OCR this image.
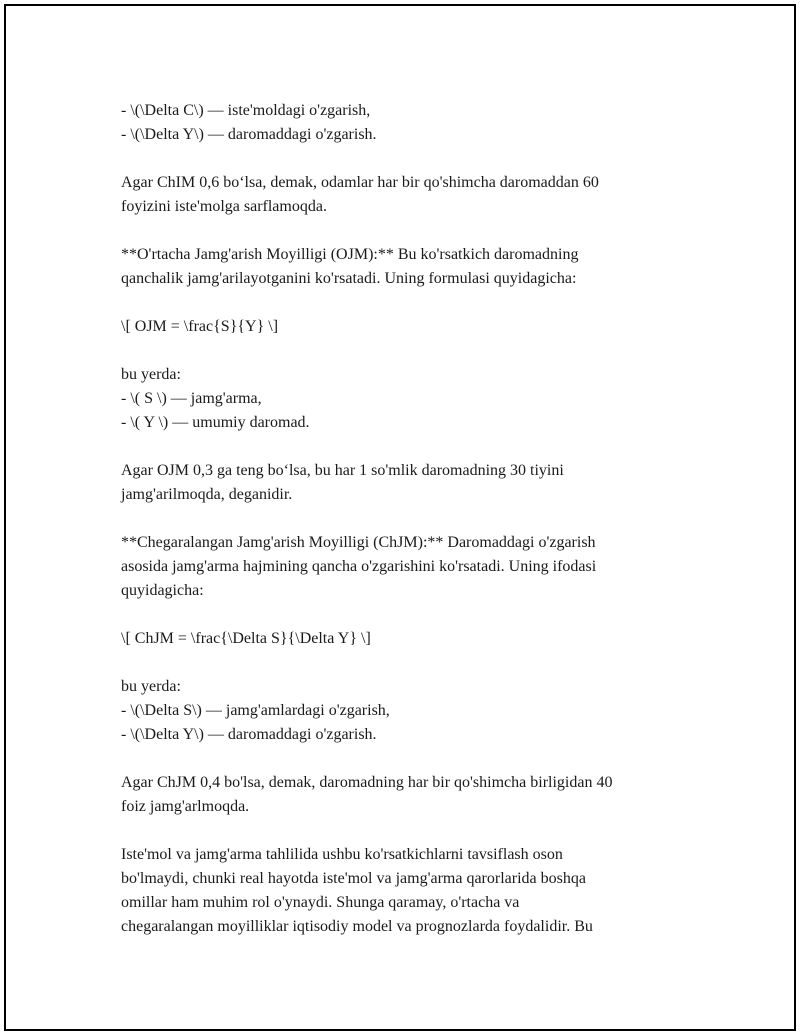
- \(\Delta C\) — iste'moldagi o'zgarish,
- \(\Delta Y\) — daromaddagi o'zgarish.
Agar ChIM 0,6 bo‘lsa, demak, odamlar har bir qo'shimcha daromaddan 60
foyizini iste'molga sarflamoqda.
**O'rtacha Jamg'arish Moyilligi (OJM):** Bu ko'rsatkich daromadning
qanchalik jamg'arilayotganini ko'rsatadi. Uning formulasi quyidagicha:
\[ OJM = \frac{S}{Y} \]
bu yerda:
- \( S \) — jamg'arma,
- \( Y \) — umumiy daromad.
Agar OJM 0,3 ga teng bo‘lsa, bu har 1 so'mlik daromadning 30 tiyini
jamg'arilmoqda, deganidir.
**Chegaralangan Jamg'arish Moyilligi (ChJM):** Daromaddagi o'zgarish
asosida jamg'arma hajmining qancha o'zgarishini ko'rsatadi. Uning ifodasi
quyidagicha:
\[ ChJM = \frac{\Delta S}{\Delta Y} \]
bu yerda:
- \(\Delta S\) — jamg'amlardagi o'zgarish,
- \(\Delta Y\) — daromaddagi o'zgarish.
Agar ChJM 0,4 bo'lsa, demak, daromadning har bir qo'shimcha birligidan 40
foiz jamg'arlmoqda.
Iste'mol va jamg'arma tahlilida ushbu ko'rsatkichlarni tavsiflash oson
bo'lmaydi, chunki real hayotda iste'mol va jamg'arma qarorlarida boshqa
omillar ham muhim rol o'ynaydi. Shunga qaramay, o'rtacha va
chegaralangan moyilliklar iqtisodiy model va prognozlarda foydalidir. Bu
